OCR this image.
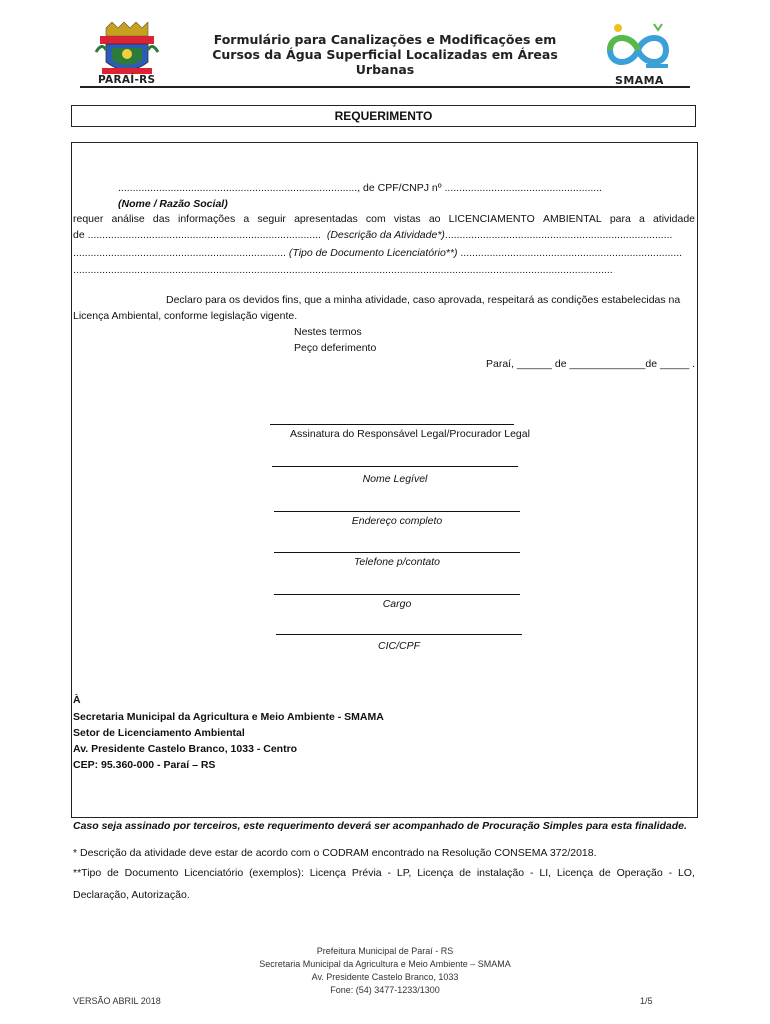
PARAÍ-RS
Formulário para Canalizações e Modificações em
Cursos da Água Superficial Localizadas em Áreas
Urbanas
SMAMA
REQUERIMENTO
.................................................................................., de CPF/CNPJ nº ......................................................
(Nome / Razão Social)
requer análise das informações a seguir apresentadas com vistas ao LICENCIAMENTO AMBIENTAL para a atividade
de ................................................................................ (Descrição da Atividade*)..............................................................................
......................................................................... (Tipo de Documento Licenciatório**) ............................................................................
.........................................................................................................................................................................................
Declaro para os devidos fins, que a minha atividade, caso aprovada, respeitará as condições estabelecidas na
Licença Ambiental, conforme legislação vigente.
Nestes termos
Peço deferimento
Paraí, ______ de _____________de _____ .
Assinatura do Responsável Legal/Procurador Legal
Nome Legível
Endereço completo
Telefone p/contato
Cargo
CIC/CPF
À
Secretaria Municipal da Agricultura e Meio Ambiente - SMAMA
Setor de Licenciamento Ambiental
Av. Presidente Castelo Branco, 1033 - Centro
CEP: 95.360-000 - Paraí – RS
Caso seja assinado por terceiros, este requerimento deverá ser acompanhado de Procuração Simples para esta finalidade.
* Descrição da atividade deve estar de acordo com o CODRAM encontrado na Resolução CONSEMA 372/2018.
**Tipo de Documento Licenciatório (exemplos): Licença Prévia - LP, Licença de instalação - LI, Licença de Operação - LO,
Declaração, Autorização.
Prefeitura Municipal de Paraí - RS
Secretaria Municipal da Agricultura e Meio Ambiente – SMAMA
Av. Presidente Castelo Branco, 1033
Fone: (54) 3477-1233/1300
VERSÃO ABRIL 2018	1/5
